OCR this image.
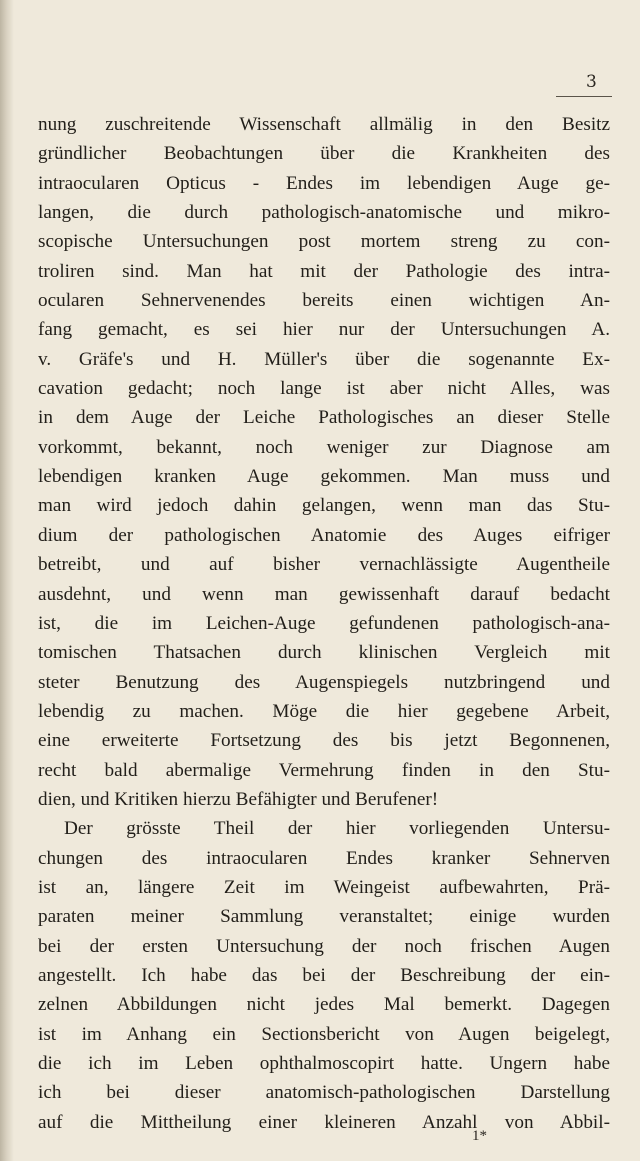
3
nung zuschreitende Wissenschaft allmälig in den Besitz
gründlicher Beobachtungen über die Krankheiten des
intraocularen Opticus - Endes im lebendigen Auge ge-
langen, die durch pathologisch-anatomische und mikro-
scopische Untersuchungen post mortem streng zu con-
troliren sind. Man hat mit der Pathologie des intra-
ocularen Sehnervenendes bereits einen wichtigen An-
fang gemacht, es sei hier nur der Untersuchungen A.
v. Gräfe's und H. Müller's über die sogenannte Ex-
cavation gedacht; noch lange ist aber nicht Alles, was
in dem Auge der Leiche Pathologisches an dieser Stelle
vorkommt, bekannt, noch weniger zur Diagnose am
lebendigen kranken Auge gekommen. Man muss und
man wird jedoch dahin gelangen, wenn man das Stu-
dium der pathologischen Anatomie des Auges eifriger
betreibt, und auf bisher vernachlässigte Augentheile
ausdehnt, und wenn man gewissenhaft darauf bedacht
ist, die im Leichen-Auge gefundenen pathologisch-ana-
tomischen Thatsachen durch klinischen Vergleich mit
steter Benutzung des Augenspiegels nutzbringend und
lebendig zu machen. Möge die hier gegebene Arbeit,
eine erweiterte Fortsetzung des bis jetzt Begonnenen,
recht bald abermalige Vermehrung finden in den Stu-
dien, und Kritiken hierzu Befähigter und Berufener!
Der grösste Theil der hier vorliegenden Untersu-
chungen des intraocularen Endes kranker Sehnerven
ist an, längere Zeit im Weingeist aufbewahrten, Prä-
paraten meiner Sammlung veranstaltet; einige wurden
bei der ersten Untersuchung der noch frischen Augen
angestellt. Ich habe das bei der Beschreibung der ein-
zelnen Abbildungen nicht jedes Mal bemerkt. Dagegen
ist im Anhang ein Sectionsbericht von Augen beigelegt,
die ich im Leben ophthalmoscopirt hatte. Ungern habe
ich bei dieser anatomisch-pathologischen Darstellung
auf die Mittheilung einer kleineren Anzahl von Abbil-
1*
